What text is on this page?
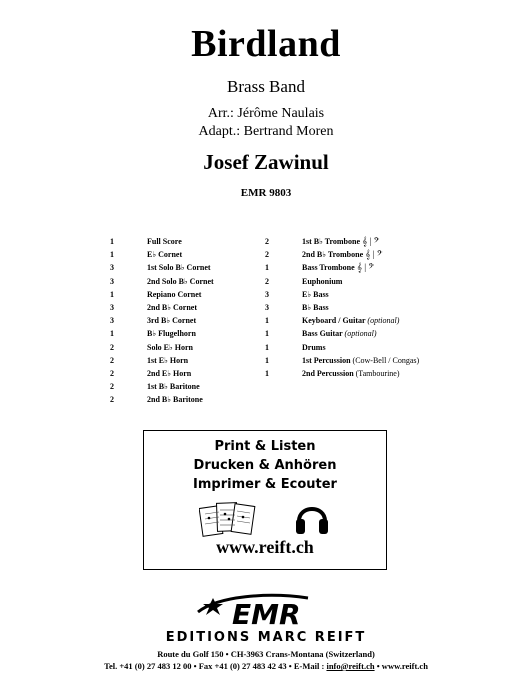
Birdland
Brass Band
Arr.: Jérôme Naulais
Adapt.: Bertrand Moren
Josef Zawinul
EMR 9803
1	Full Score
1	E♭ Cornet
3	1st Solo B♭ Cornet
3	2nd Solo B♭ Cornet
1	Repiano Cornet
3	2nd B♭ Cornet
3	3rd B♭ Cornet
1	B♭ Flugelhorn
2	Solo E♭ Horn
2	1st E♭ Horn
2	2nd E♭ Horn
2	1st B♭ Baritone
2	2nd B♭ Baritone
2	1st B♭ Trombone 𝄞 | 𝄢
2	2nd B♭ Trombone 𝄞 | 𝄢
1	Bass Trombone 𝄞 | 𝄢
2	Euphonium
3	E♭ Bass
3	B♭ Bass
1	Keyboard / Guitar (optional)
1	Bass Guitar (optional)
1	Drums
1	1st Percussion (Cow-Bell / Congas)
1	2nd Percussion (Tambourine)
Print & Listen
Drucken & Anhören
Imprimer & Ecouter
www.reift.ch
EMR
EDITIONS MARC REIFT
Route du Golf 150 • CH-3963 Crans-Montana (Switzerland)
Tel. +41 (0) 27 483 12 00 • Fax +41 (0) 27 483 42 43 • E-Mail : info@reift.ch • www.reift.ch
